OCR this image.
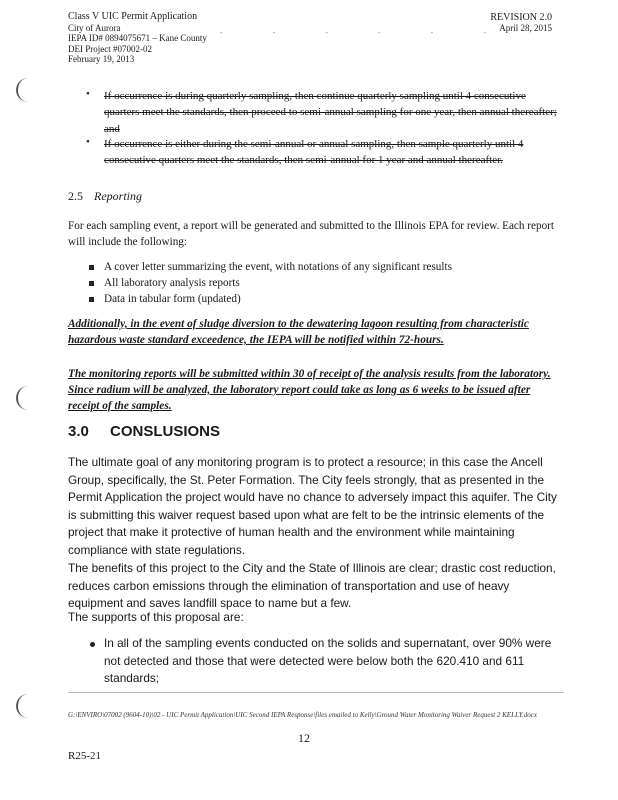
Class V UIC Permit Application
City of Aurora
IEPA ID# 0894075671 – Kane County
DEI Project #07002-02
February 19, 2013
- - - - - -
REVISION 2.0
April 28, 2015
• If occurrence is during quarterly sampling, then continue quarterly sampling until 4 consecutive quarters meet the standards, then proceed to semi-annual sampling for one year, then annual thereafter; and
• If occurrence is either during the semi-annual or annual sampling, then sample quarterly until 4 consecutive quarters meet the standards, then semi-annual for 1 year and annual thereafter.
2.5 Reporting
For each sampling event, a report will be generated and submitted to the Illinois EPA for review. Each report will include the following:
A cover letter summarizing the event, with notations of any significant results
All laboratory analysis reports
Data in tabular form (updated)
Additionally, in the event of sludge diversion to the dewatering lagoon resulting from characteristic hazardous waste standard exceedence, the IEPA will be notified within 72-hours.
The monitoring reports will be submitted within 30 of receipt of the analysis results from the laboratory. Since radium will be analyzed, the laboratory report could take as long as 6 weeks to be issued after receipt of the samples.
3.0 CONSLUSIONS
The ultimate goal of any monitoring program is to protect a resource; in this case the Ancell Group, specifically, the St. Peter Formation. The City feels strongly, that as presented in the Permit Application the project would have no chance to adversely impact this aquifer. The City is submitting this waiver request based upon what are felt to be the intrinsic elements of the project that make it protective of human health and the environment while maintaining compliance with state regulations.
The benefits of this project to the City and the State of Illinois are clear; drastic cost reduction, reduces carbon emissions through the elimination of transportation and use of heavy equipment and saves landfill space to name but a few.
The supports of this proposal are:
In all of the sampling events conducted on the solids and supernatant, over 90% were not detected and those that were detected were below both the 620.410 and 611 standards;
G:\ENVIRO\07002 (9604-10)\02 - UIC Permit Application\UIC Second IEPA Response\files emailed to Kelly\Ground Water Monitoring Waiver Request 2 KELLY.docx
12
R25-21
